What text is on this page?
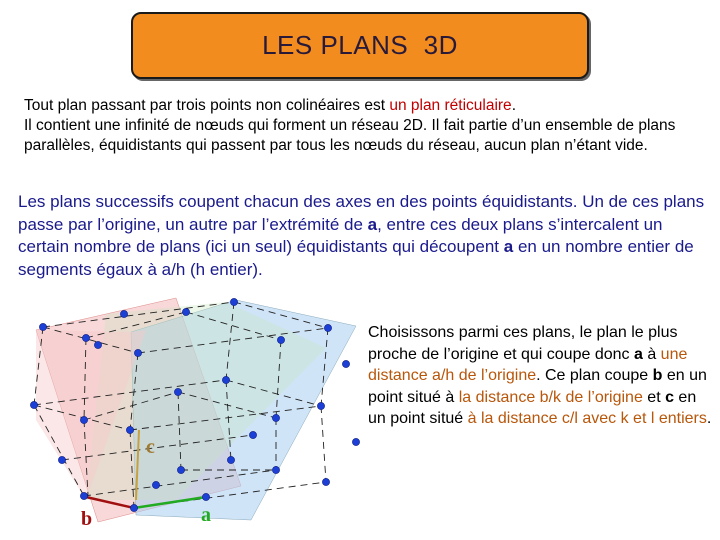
LES PLANS  3D
Tout plan passant par trois points non colinéaires est un plan réticulaire.
Il contient une infinité de nœuds qui forment un réseau 2D. Il fait partie d’un ensemble de plans parallèles, équidistants qui passent par tous les nœuds du réseau, aucun plan n’étant vide.
Les plans successifs coupent chacun des axes en des points équidistants. Un de ces plans passe par l’origine, un autre par l’extrémité de a, entre ces deux plans s’intercalent un certain nombre de plans (ici un seul) équidistants qui découpent a en un nombre entier de segments égaux à a/h (h entier).
c
b	a
Choisissons parmi ces plans, le plan le plus proche de l’origine et qui coupe donc a à une distance a/h de l’origine. Ce plan coupe b en un point situé à la distance b/k de l’origine et c en un point situé à la distance c/l avec k et l entiers.
